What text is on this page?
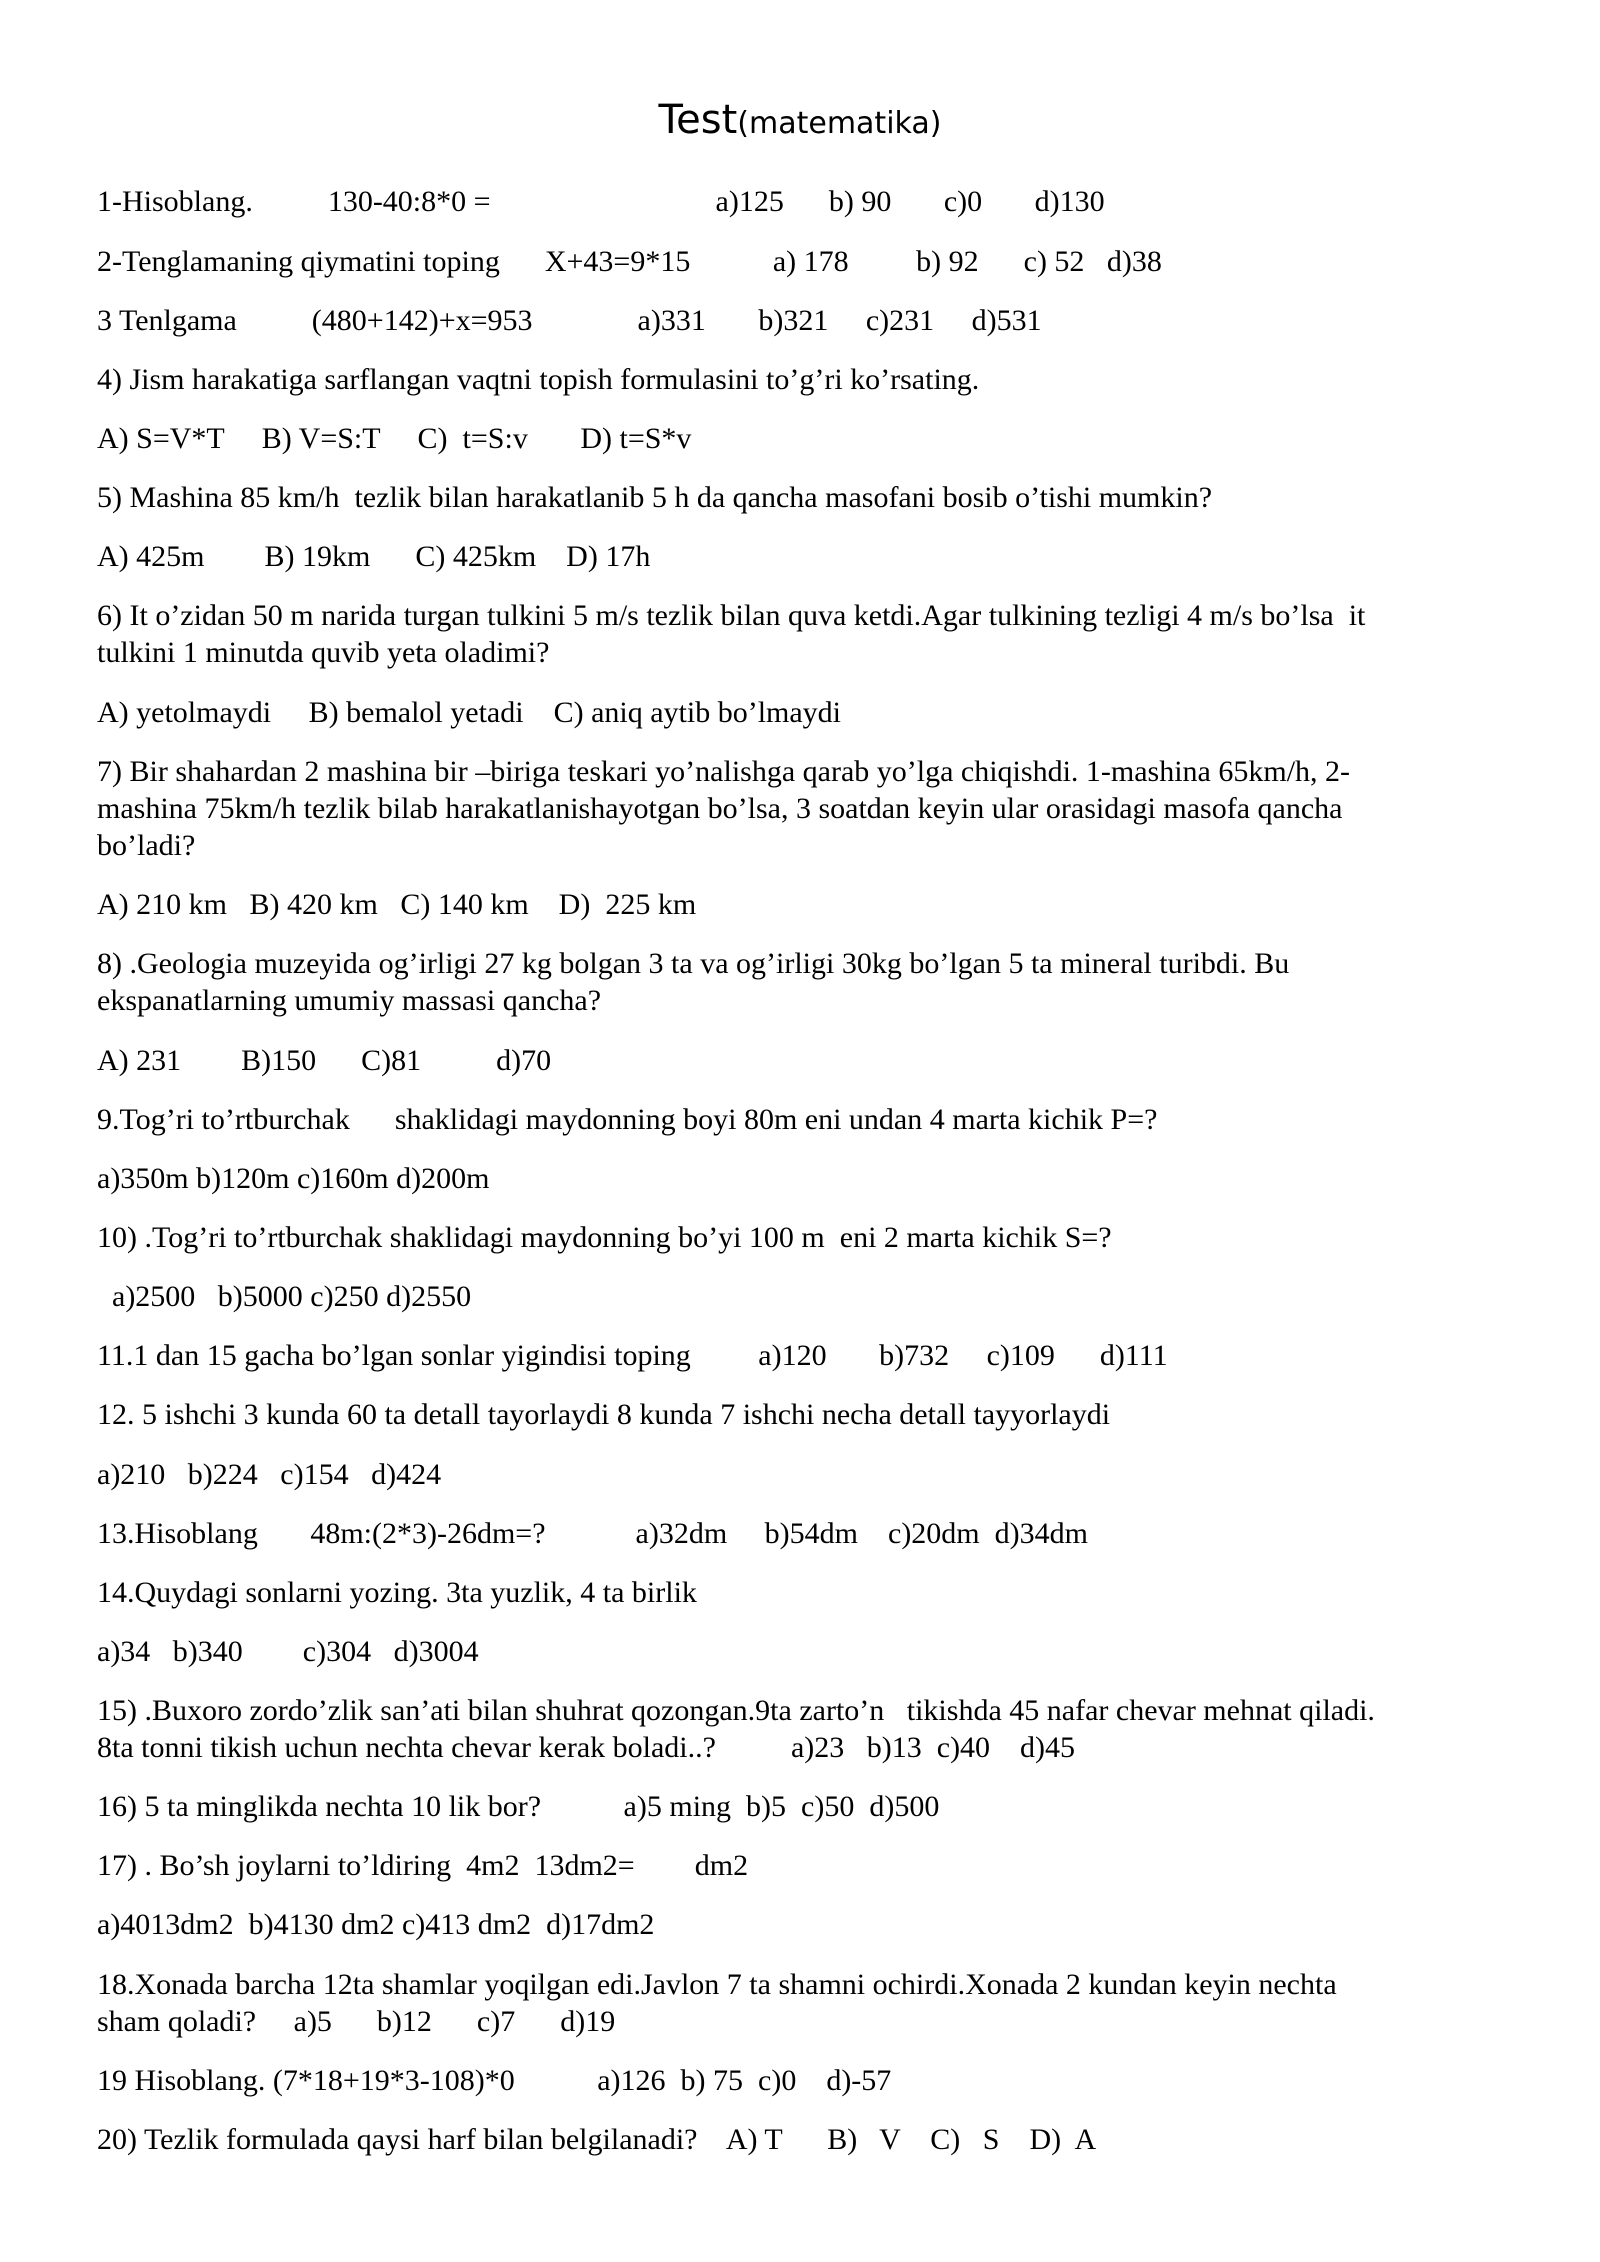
Test(matematika)
1-Hisoblang.          130-40:8*0 =                              a)125      b) 90       c)0       d)130
2-Tenglamaning qiymatini toping      X+43=9*15           a) 178         b) 92      c) 52   d)38
3 Tenlgama          (480+142)+x=953              a)331       b)321     c)231     d)531
4) Jism harakatiga sarflangan vaqtni topish formulasini to’g’ri ko’rsating.
A) S=V*T     B) V=S:T     C)  t=S:v       D) t=S*v
5) Mashina 85 km/h  tezlik bilan harakatlanib 5 h da qancha masofani bosib o’tishi mumkin?
A) 425m        B) 19km      C) 425km    D) 17h
6) It o’zidan 50 m narida turgan tulkini 5 m/s tezlik bilan quva ketdi.Agar tulkining tezligi 4 m/s bo’lsa  it
tulkini 1 minutda quvib yeta oladimi?
A) yetolmaydi     B) bemalol yetadi    C) aniq aytib bo’lmaydi
7) Bir shahardan 2 mashina bir –biriga teskari yo’nalishga qarab yo’lga chiqishdi. 1-mashina 65km/h, 2-
mashina 75km/h tezlik bilab harakatlanishayotgan bo’lsa, 3 soatdan keyin ular orasidagi masofa qancha
bo’ladi?
A) 210 km   B) 420 km   C) 140 km    D)  225 km
8) .Geologia muzeyida og’irligi 27 kg bolgan 3 ta va og’irligi 30kg bo’lgan 5 ta mineral turibdi. Bu
ekspanatlarning umumiy massasi qancha?
A) 231        B)150      C)81          d)70
9.Tog’ri to’rtburchak      shaklidagi maydonning boyi 80m eni undan 4 marta kichik P=?
a)350m b)120m c)160m d)200m
10) .Tog’ri to’rtburchak shaklidagi maydonning bo’yi 100 m  eni 2 marta kichik S=?
a)2500   b)5000 c)250 d)2550
11.1 dan 15 gacha bo’lgan sonlar yigindisi toping         a)120       b)732     c)109      d)111
12. 5 ishchi 3 kunda 60 ta detall tayorlaydi 8 kunda 7 ishchi necha detall tayyorlaydi
a)210   b)224   c)154   d)424
13.Hisoblang       48m:(2*3)-26dm=?            a)32dm     b)54dm    c)20dm  d)34dm
14.Quydagi sonlarni yozing. 3ta yuzlik, 4 ta birlik
a)34   b)340        c)304   d)3004
15) .Buxoro zordo’zlik san’ati bilan shuhrat qozongan.9ta zarto’n   tikishda 45 nafar chevar mehnat qiladi.
8ta tonni tikish uchun nechta chevar kerak boladi..?          a)23   b)13  c)40    d)45
16) 5 ta minglikda nechta 10 lik bor?           a)5 ming  b)5  c)50  d)500
17) . Bo’sh joylarni to’ldiring  4m2  13dm2=        dm2
a)4013dm2  b)4130 dm2 c)413 dm2  d)17dm2
18.Xonada barcha 12ta shamlar yoqilgan edi.Javlon 7 ta shamni ochirdi.Xonada 2 kundan keyin nechta
sham qoladi?     a)5      b)12      c)7      d)19
19 Hisoblang. (7*18+19*3-108)*0           a)126  b) 75  c)0    d)-57
20) Tezlik formulada qaysi harf bilan belgilanadi?    A) T      B)   V    C)   S    D)  A
